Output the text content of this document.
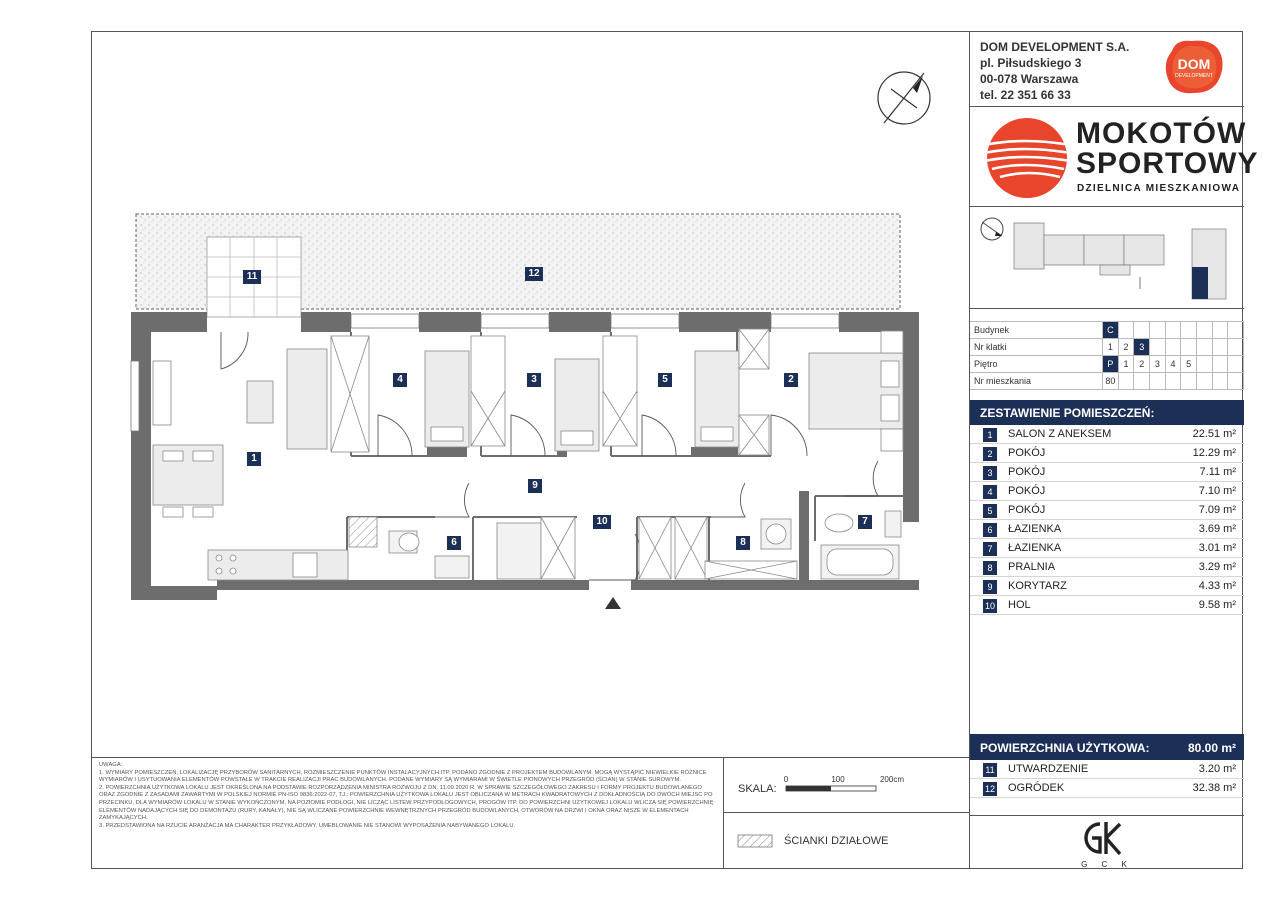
1
2
3
4	5
6
7
8
9
10
11	12
DOM DEVELOPMENT S.A.
pl. Piłsudskiego 3
00-078 Warszawa
tel. 22 351 66 33
DOM
DEVELOPMENT
MOKOTÓW
SPORTOWY
DZIELNICA MIESZKANIOWA
Budynek	C								
Nr klatki	1	2	3						
Piętro	P	1	2	3	4	5			
Nr mieszkania	80								
ZESTAWIENIE POMIESZCZEŃ:
1	SALON Z ANEKSEM	22.51 m²
2	POKÓJ	12.29 m²
3	POKÓJ	7.11 m²
4	POKÓJ	7.10 m²
5	POKÓJ	7.09 m²
6	ŁAZIENKA	3.69 m²
7	ŁAZIENKA	3.01 m²
8	PRALNIA	3.29 m²
9	KORYTARZ	4.33 m²
10 HOL	9.58 m²
POWIERZCHNIA UŻYTKOWA:	80.00 m²
11 UTWARDZENIE	3.20 m²
12 OGRÓDEK	32.38 m²
G C K
UWAGA:
1. WYMIARY POMIESZCZEŃ, LOKALIZACJĘ PRZYBORÓW SANITARNYCH, ROZMIESZCZENIE PUNKTÓW INSTALACYJNYCH ITP. PODANO ZGODNIE Z PROJEKTEM BUDOWLANYM. MOGĄ WYSTĄPIĆ NIEWIELKIE RÓŻNICE WYMIARÓW I USYTUOWANIA ELEMENTÓW POWSTAŁE W TRAKCIE REALIZACJI PRAC BUDOWLANYCH. PODANE WYMIARY SĄ WYMIARAMI W ŚWIETLE PIONOWYCH PRZEGRÓD (ŚCIAN) W STANIE SUROWYM.
2. POWIERZCHNIA UŻYTKOWA LOKALU JEST OKREŚLONA NA PODSTAWIE ROZPORZĄDZENIA MINISTRA ROZWOJU Z DN. 11.09.2020 R. W SPRAWIE SZCZEGÓŁOWEGO ZAKRESU I FORMY PROJEKTU BUDOWLANEGO ORAZ ZGODNIE Z ZASADAMI ZAWARTYMI W POLSKIEJ NORMIE PN-ISO 9836:2022-07, TJ.: POWIERZCHNIA UŻYTKOWA LOKALU JEST OBLICZANA W METRACH KWADRATOWYCH Z DOKŁADNOŚCIĄ DO DWÓCH MIEJSC PO PRZECINKU, DLA WYMIARÓW LOKALU W STANIE WYKOŃCZONYM, NA POZIOMIE PODŁOGI, NIE LICZĄC LISTEW PRZYPODŁOGOWYCH, PROGÓW ITP. DO POWIERZCHNI UŻYTKOWEJ LOKALU WLICZA SIĘ POWIERZCHNIĘ ELEMENTÓW NADAJĄCYCH SIĘ DO DEMONTAŻU (RURY, KANAŁY), NIE SĄ WLICZANE POWIERZCHNIE WEWNĘTRZNYCH PRZEGRÓD BUDOWLANYCH, OTWORÓW NA DRZWI I OKNA ORAZ NISZE W ELEMENTACH ZAMYKAJĄCYCH.
3. PRZEDSTAWIONA NA RZUCIE ARANŻACJA MA CHARAKTER PRZYKŁADOWY, UMEBLOWANIE NIE STANOWI WYPOSAŻENIA NABYWANEGO LOKALU.
SKALA:
0	100	200cm
ŚCIANKI DZIAŁOWE
